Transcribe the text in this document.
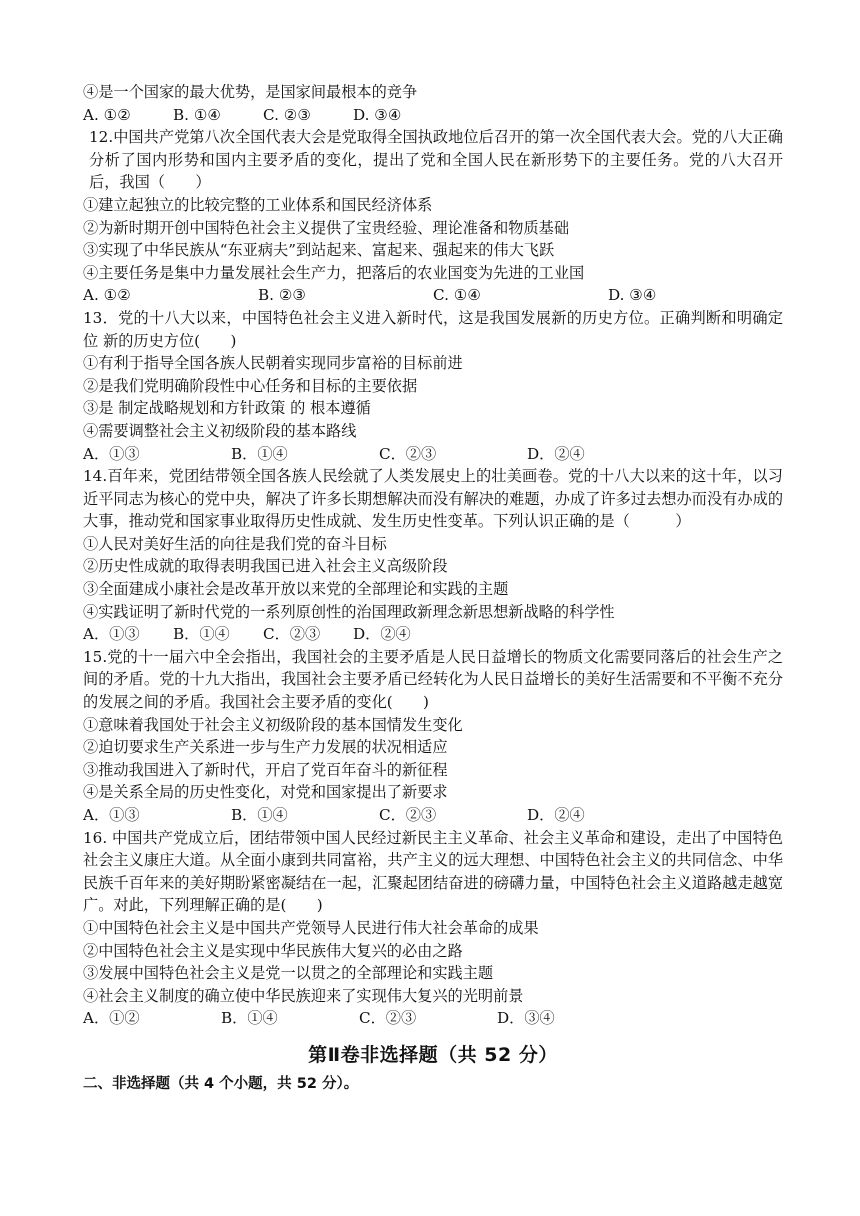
④是一个国家的最大优势，是国家间最根本的竞争
A. ①②	B. ①④	C. ②③	D. ③④
12.中国共产党第八次全国代表大会是党取得全国执政地位后召开的第一次全国代表大会。党的八大正确分析了国内形势和国内主要矛盾的变化，提出了党和全国人民在新形势下的主要任务。党的八大召开后，我国（　　）
①建立起独立的比较完整的工业体系和国民经济体系
②为新时期开创中国特色社会主义提供了宝贵经验、理论准备和物质基础
③实现了中华民族从“东亚病夫”到站起来、富起来、强起来的伟大飞跃
④主要任务是集中力量发展社会生产力，把落后的农业国变为先进的工业国
A. ①②	B. ②③	C. ①④	D. ③④
13．党的十八大以来，中国特色社会主义进入新时代，这是我国发展新的历史方位。正确判断和明确定位 新的历史方位(　　)
①有利于指导全国各族人民朝着实现同步富裕的目标前进
②是我们党明确阶段性中心任务和目标的主要依据
③是 制定战略规划和方针政策 的 根本遵循
④需要调整社会主义初级阶段的基本路线
A．①③	B．①④	C．②③	D．②④
14.百年来，党团结带领全国各族人民绘就了人类发展史上的壮美画卷。党的十八大以来的这十年，以习近平同志为核心的党中央，解决了许多长期想解决而没有解决的难题，办成了许多过去想办而没有办成的大事，推动党和国家事业取得历史性成就、发生历史性变革。下列认识正确的是（　　　）
①人民对美好生活的向往是我们党的奋斗目标
②历史性成就的取得表明我国已进入社会主义高级阶段
③全面建成小康社会是改革开放以来党的全部理论和实践的主题
④实践证明了新时代党的一系列原创性的治国理政新理念新思想新战略的科学性
A．①③	B．①④	C．②③	D．②④
15.党的十一届六中全会指出，我国社会的主要矛盾是人民日益增长的物质文化需要同落后的社会生产之间的矛盾。党的十九大指出，我国社会主要矛盾已经转化为人民日益增长的美好生活需要和不平衡不充分的发展之间的矛盾。我国社会主要矛盾的变化(　　)
①意味着我国处于社会主义初级阶段的基本国情发生变化
②迫切要求生产关系进一步与生产力发展的状况相适应
③推动我国进入了新时代，开启了党百年奋斗的新征程
④是关系全局的历史性变化，对党和国家提出了新要求
A．①③	B．①④	C．②③	D．②④
16. 中国共产党成立后，团结带领中国人民经过新民主主义革命、社会主义革命和建设，走出了中国特色社会主义康庄大道。从全面小康到共同富裕，共产主义的远大理想、中国特色社会主义的共同信念、中华民族千百年来的美好期盼紧密凝结在一起，汇聚起团结奋进的磅礴力量，中国特色社会主义道路越走越宽广。对此，下列理解正确的是(　　)
①中国特色社会主义是中国共产党领导人民进行伟大社会革命的成果
②中国特色社会主义是实现中华民族伟大复兴的必由之路
③发展中国特色社会主义是党一以贯之的全部理论和实践主题
④社会主义制度的确立使中华民族迎来了实现伟大复兴的光明前景
A．①②	B．①④	C．②③	D．③④
第Ⅱ卷非选择题（共 52 分）
二、非选择题（共 4 个小题，共 52 分）。
